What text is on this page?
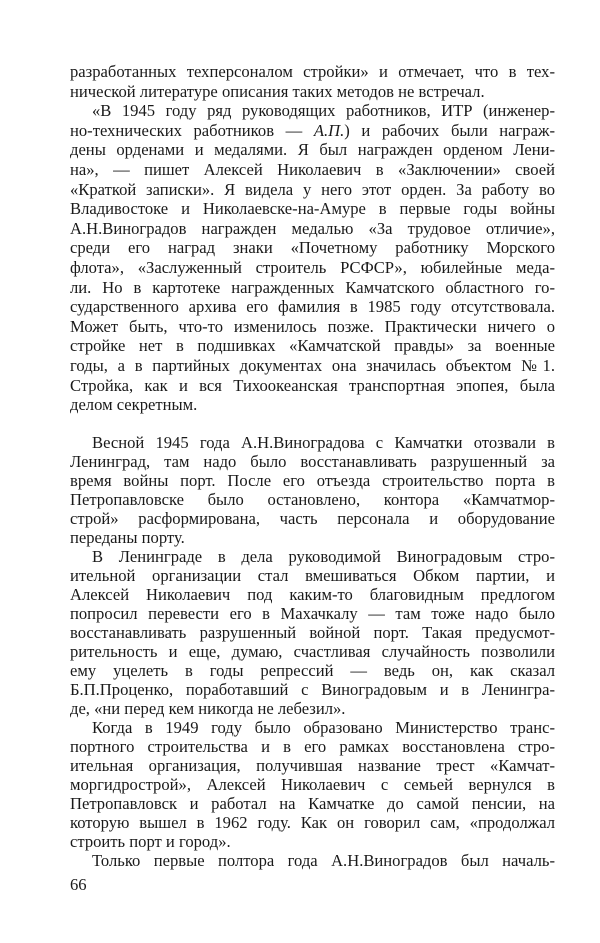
разработанных техперсоналом стройки» и отмечает, что в тех-
нической литературе описания таких методов не встречал.
«В 1945 году ряд руководящих работников, ИТР (инженер-
но-технических работников — А.П.) и рабочих были награж-
дены орденами и медалями. Я был награжден орденом Лени-
на», — пишет Алексей Николаевич в «Заключении» своей
«Краткой записки». Я видела у него этот орден. За работу во
Владивостоке и Николаевске-на-Амуре в первые годы войны
А.Н.Виноградов награжден медалью «За трудовое отличие»,
среди его наград знаки «Почетному работнику Морского
флота», «Заслуженный строитель РСФСР», юбилейные меда-
ли. Но в картотеке награжденных Камчатского областного го-
сударственного архива его фамилия в 1985 году отсутствовала.
Может быть, что-то изменилось позже. Практически ничего о
стройке нет в подшивках «Камчатской правды» за военные
годы, а в партийных документах она значилась объектом №1.
Стройка, как и вся Тихоокеанская транспортная эпопея, была
делом секретным.
Весной 1945 года А.Н.Виноградова с Камчатки отозвали в
Ленинград, там надо было восстанавливать разрушенный за
время войны порт. После его отъезда строительство порта в
Петропавловске было остановлено, контора «Камчатмор-
строй» расформирована, часть персонала и оборудование
переданы порту.
В Ленинграде в дела руководимой Виноградовым стро-
ительной организации стал вмешиваться Обком партии, и
Алексей Николаевич под каким-то благовидным предлогом
попросил перевести его в Махачкалу — там тоже надо было
восстанавливать разрушенный войной порт. Такая предусмот-
рительность и еще, думаю, счастливая случайность позволили
ему уцелеть в годы репрессий — ведь он, как сказал
Б.П.Проценко, поработавший с Виноградовым и в Ленингра-
де, «ни перед кем никогда не лебезил».
Когда в 1949 году было образовано Министерство транс-
портного строительства и в его рамках восстановлена стро-
ительная организация, получившая название трест «Камчат-
моргидрострой», Алексей Николаевич с семьей вернулся в
Петропавловск и работал на Камчатке до самой пенсии, на
которую вышел в 1962 году. Как он говорил сам, «продолжал
строить порт и город».
Только первые полтора года А.Н.Виноградов был началь-
66
